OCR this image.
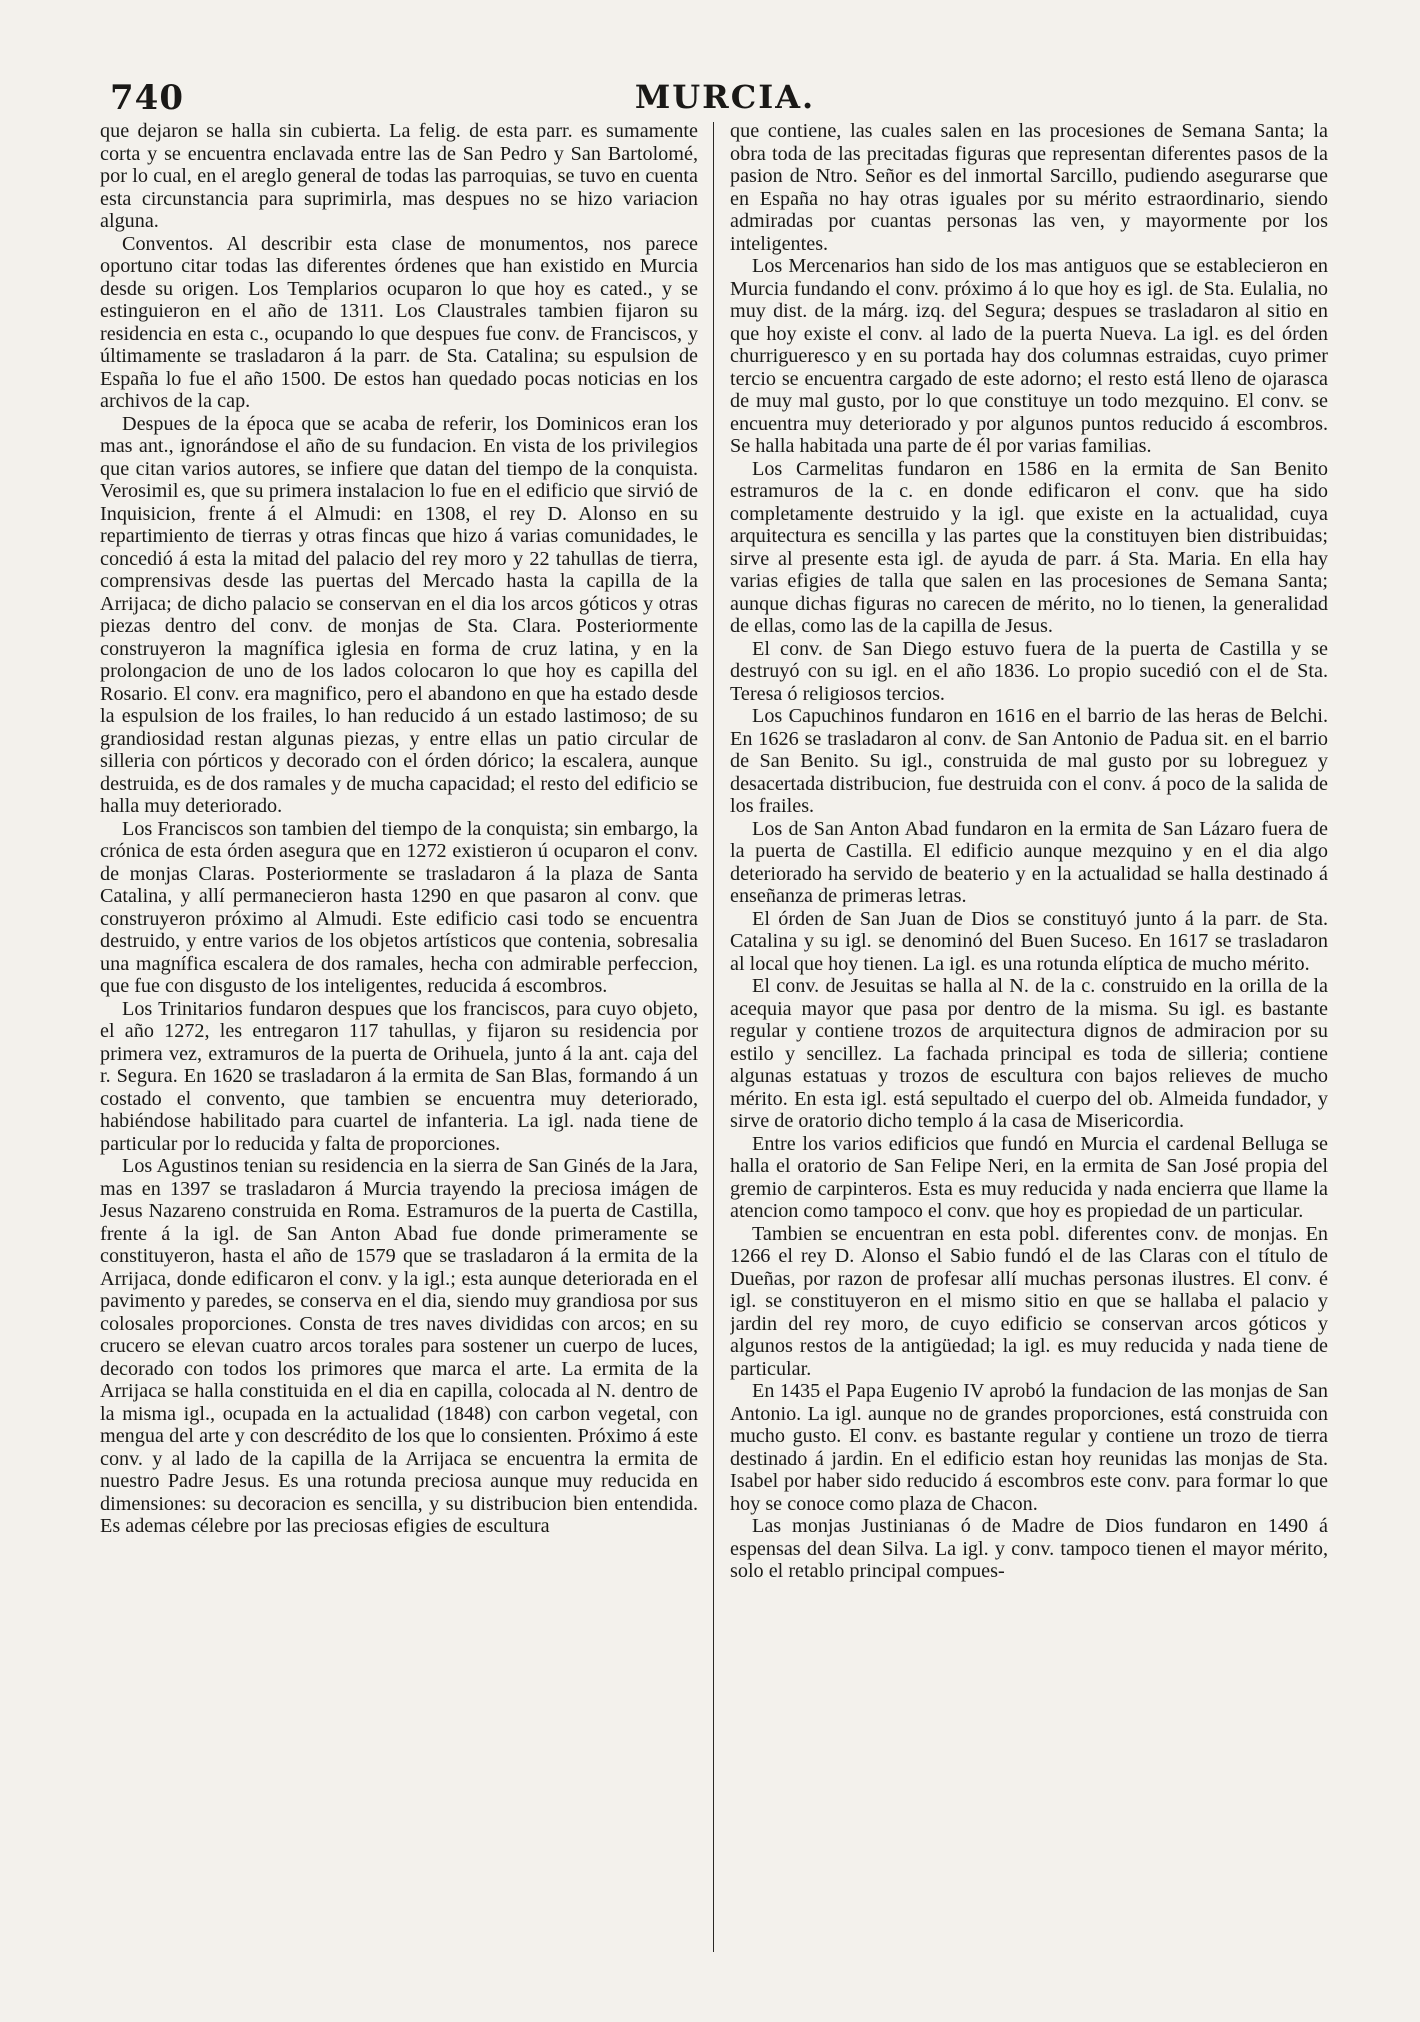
740	MURCIA.

que dejaron se halla sin cubierta. La felig. de esta parr. es sumamente corta y se encuentra enclavada entre las de San Pedro y San Bartolomé, por lo cual, en el areglo general de todas las parroquias, se tuvo en cuenta esta circunstancia para suprimirla, mas despues no se hizo variacion alguna.

Conventos. Al describir esta clase de monumentos, nos parece oportuno citar todas las diferentes órdenes que han existido en Murcia desde su origen. Los Templarios ocuparon lo que hoy es cated., y se estinguieron en el año de 1311. Los Claustrales tambien fijaron su residencia en esta c., ocupando lo que despues fue conv. de Franciscos, y últimamente se trasladaron á la parr. de Sta. Catalina; su espulsion de España lo fue el año 1500. De estos han quedado pocas noticias en los archivos de la cap.

Despues de la época que se acaba de referir, los Dominicos eran los mas ant., ignorándose el año de su fundacion. En vista de los privilegios que citan varios autores, se infiere que datan del tiempo de la conquista. Verosimil es, que su primera instalacion lo fue en el edificio que sirvió de Inquisicion, frente á el Almudi: en 1308, el rey D. Alonso en su repartimiento de tierras y otras fincas que hizo á varias comunidades, le concedió á esta la mitad del palacio del rey moro y 22 tahullas de tierra, comprensivas desde las puertas del Mercado hasta la capilla de la Arrijaca; de dicho palacio se conservan en el dia los arcos góticos y otras piezas dentro del conv. de monjas de Sta. Clara. Posteriormente construyeron la magnífica iglesia en forma de cruz latina, y en la prolongacion de uno de los lados colocaron lo que hoy es capilla del Rosario. El conv. era magnifico, pero el abandono en que ha estado desde la espulsion de los frailes, lo han reducido á un estado lastimoso; de su grandiosidad restan algunas piezas, y entre ellas un patio circular de silleria con pórticos y decorado con el órden dórico; la escalera, aunque destruida, es de dos ramales y de mucha capacidad; el resto del edificio se halla muy deteriorado.

Los Franciscos son tambien del tiempo de la conquista; sin embargo, la crónica de esta órden asegura que en 1272 existieron ú ocuparon el conv. de monjas Claras. Posteriormente se trasladaron á la plaza de Santa Catalina, y allí permanecieron hasta 1290 en que pasaron al conv. que construyeron próximo al Almudi. Este edificio casi todo se encuentra destruido, y entre varios de los objetos artísticos que contenia, sobresalia una magnífica escalera de dos ramales, hecha con admirable perfeccion, que fue con disgusto de los inteligentes, reducida á escombros.

Los Trinitarios fundaron despues que los franciscos, para cuyo objeto, el año 1272, les entregaron 117 tahullas, y fijaron su residencia por primera vez, extramuros de la puerta de Orihuela, junto á la ant. caja del r. Segura. En 1620 se trasladaron á la ermita de San Blas, formando á un costado el convento, que tambien se encuentra muy deteriorado, habiéndose habilitado para cuartel de infanteria. La igl. nada tiene de particular por lo reducida y falta de proporciones.

Los Agustinos tenian su residencia en la sierra de San Ginés de la Jara, mas en 1397 se trasladaron á Murcia trayendo la preciosa imágen de Jesus Nazareno construida en Roma. Estramuros de la puerta de Castilla, frente á la igl. de San Anton Abad fue donde primeramente se constituyeron, hasta el año de 1579 que se trasladaron á la ermita de la Arrijaca, donde edificaron el conv. y la igl.; esta aunque deteriorada en el pavimento y paredes, se conserva en el dia, siendo muy grandiosa por sus colosales proporciones. Consta de tres naves divididas con arcos; en su crucero se elevan cuatro arcos torales para sostener un cuerpo de luces, decorado con todos los primores que marca el arte. La ermita de la Arrijaca se halla constituida en el dia en capilla, colocada al N. dentro de la misma igl., ocupada en la actualidad (1848) con carbon vegetal, con mengua del arte y con descrédito de los que lo consienten. Próximo á este conv. y al lado de la capilla de la Arrijaca se encuentra la ermita de nuestro Padre Jesus. Es una rotunda preciosa aunque muy reducida en dimensiones: su decoracion es sencilla, y su distribucion bien entendida. Es ademas célebre por las preciosas efigies de escultura

que contiene, las cuales salen en las procesiones de Semana Santa; la obra toda de las precitadas figuras que representan diferentes pasos de la pasion de Ntro. Señor es del inmortal Sarcillo, pudiendo asegurarse que en España no hay otras iguales por su mérito estraordinario, siendo admiradas por cuantas personas las ven, y mayormente por los inteligentes.

Los Mercenarios han sido de los mas antiguos que se establecieron en Murcia fundando el conv. próximo á lo que hoy es igl. de Sta. Eulalia, no muy dist. de la márg. izq. del Segura; despues se trasladaron al sitio en que hoy existe el conv. al lado de la puerta Nueva. La igl. es del órden churrigueresco y en su portada hay dos columnas estraidas, cuyo primer tercio se encuentra cargado de este adorno; el resto está lleno de ojarasca de muy mal gusto, por lo que constituye un todo mezquino. El conv. se encuentra muy deteriorado y por algunos puntos reducido á escombros. Se halla habitada una parte de él por varias familias.

Los Carmelitas fundaron en 1586 en la ermita de San Benito estramuros de la c. en donde edificaron el conv. que ha sido completamente destruido y la igl. que existe en la actualidad, cuya arquitectura es sencilla y las partes que la constituyen bien distribuidas; sirve al presente esta igl. de ayuda de parr. á Sta. Maria. En ella hay varias efigies de talla que salen en las procesiones de Semana Santa; aunque dichas figuras no carecen de mérito, no lo tienen, la generalidad de ellas, como las de la capilla de Jesus.

El conv. de San Diego estuvo fuera de la puerta de Castilla y se destruyó con su igl. en el año 1836. Lo propio sucedió con el de Sta. Teresa ó religiosos tercios.

Los Capuchinos fundaron en 1616 en el barrio de las heras de Belchi. En 1626 se trasladaron al conv. de San Antonio de Padua sit. en el barrio de San Benito. Su igl., construida de mal gusto por su lobreguez y desacertada distribucion, fue destruida con el conv. á poco de la salida de los frailes.

Los de San Anton Abad fundaron en la ermita de San Lázaro fuera de la puerta de Castilla. El edificio aunque mezquino y en el dia algo deteriorado ha servido de beaterio y en la actualidad se halla destinado á enseñanza de primeras letras.

El órden de San Juan de Dios se constituyó junto á la parr. de Sta. Catalina y su igl. se denominó del Buen Suceso. En 1617 se trasladaron al local que hoy tienen. La igl. es una rotunda elíptica de mucho mérito.

El conv. de Jesuitas se halla al N. de la c. construido en la orilla de la acequia mayor que pasa por dentro de la misma. Su igl. es bastante regular y contiene trozos de arquitectura dignos de admiracion por su estilo y sencillez. La fachada principal es toda de silleria; contiene algunas estatuas y trozos de escultura con bajos relieves de mucho mérito. En esta igl. está sepultado el cuerpo del ob. Almeida fundador, y sirve de oratorio dicho templo á la casa de Misericordia.

Entre los varios edificios que fundó en Murcia el cardenal Belluga se halla el oratorio de San Felipe Neri, en la ermita de San José propia del gremio de carpinteros. Esta es muy reducida y nada encierra que llame la atencion como tampoco el conv. que hoy es propiedad de un particular.

Tambien se encuentran en esta pobl. diferentes conv. de monjas. En 1266 el rey D. Alonso el Sabio fundó el de las Claras con el título de Dueñas, por razon de profesar allí muchas personas ilustres. El conv. é igl. se constituyeron en el mismo sitio en que se hallaba el palacio y jardin del rey moro, de cuyo edificio se conservan arcos góticos y algunos restos de la antigüedad; la igl. es muy reducida y nada tiene de particular.

En 1435 el Papa Eugenio IV aprobó la fundacion de las monjas de San Antonio. La igl. aunque no de grandes proporciones, está construida con mucho gusto. El conv. es bastante regular y contiene un trozo de tierra destinado á jardin. En el edificio estan hoy reunidas las monjas de Sta. Isabel por haber sido reducido á escombros este conv. para formar lo que hoy se conoce como plaza de Chacon.

Las monjas Justinianas ó de Madre de Dios fundaron en 1490 á espensas del dean Silva. La igl. y conv. tampoco tienen el mayor mérito, solo el retablo principal compues-
